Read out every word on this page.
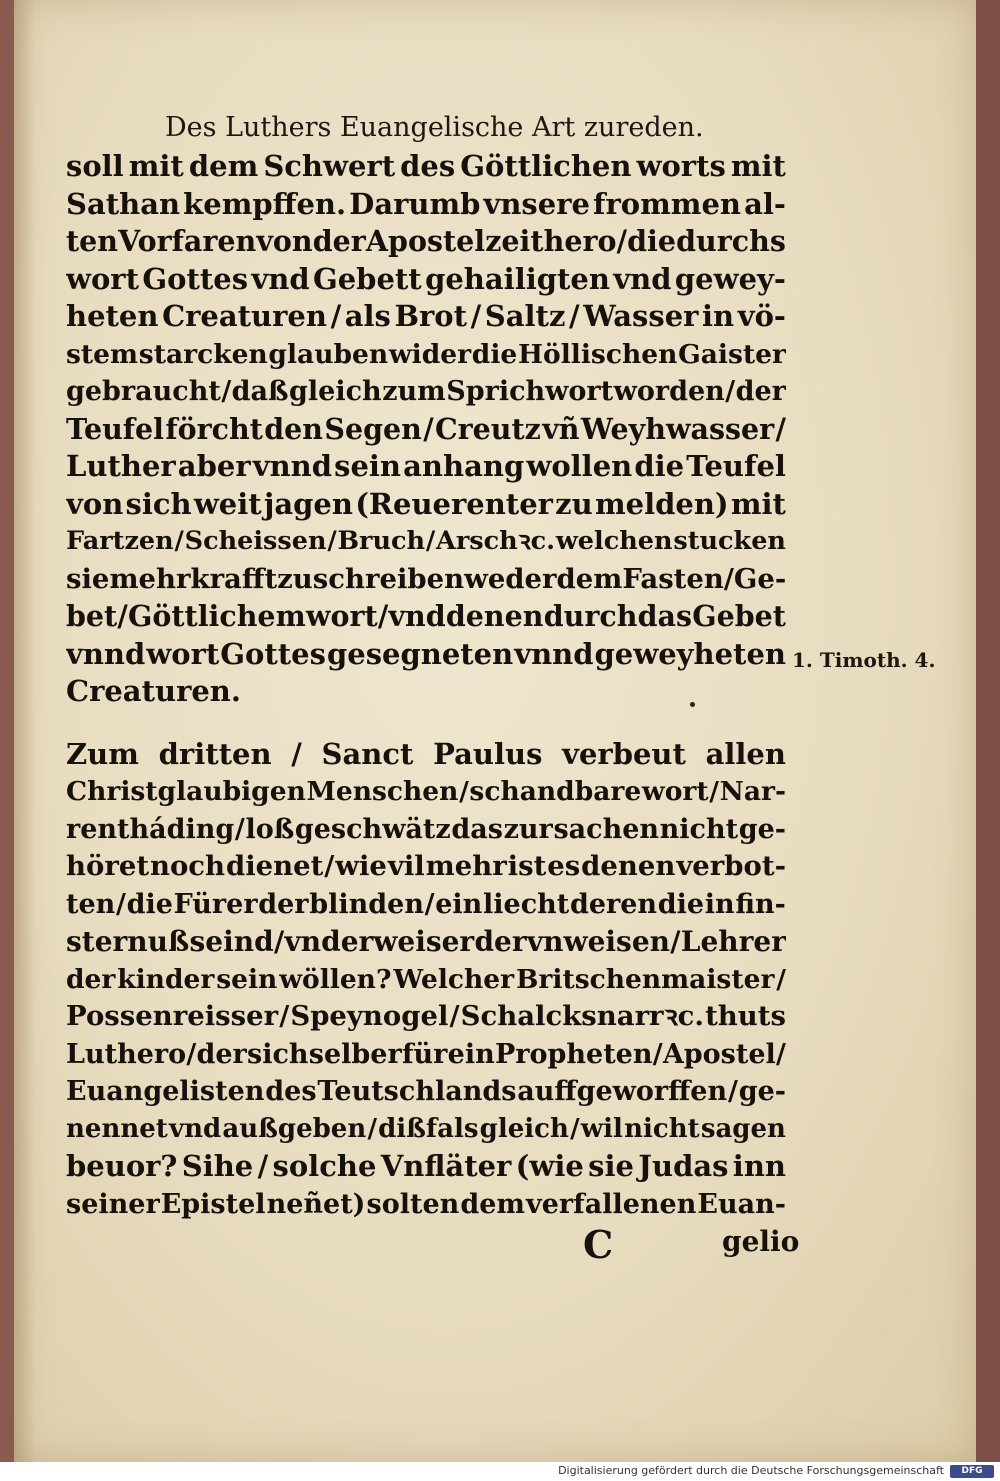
Des Luthers Euangelische Art zureden.
soll mit dem Schwert des Göttlichen worts mit
Sathan kempffen. Darumb vnsere frommen al-
ten Vorfaren von der Apostel zeit hero / die durchs
wort Gottes vnd Gebett gehailigten vnd gewey-
heten Creaturen / als Brot / Saltz / Wasser in vö-
stem starcken glauben wider die Höllischen Gaister
gebraucht / daß gleich zum Sprichwort worden / der
Teufel förcht den Segen / Creutz vñ Weyhwasser /
Luther aber vnnd sein anhang wollen die Teufel
von sich weit jagen (Reuerenter zu melden) mit
Fartzen / Scheissen / Bruch / Arsch ꝛc. welchen stucken
sie mehr krafft zuschreiben weder dem Fasten / Ge-
bet / Göttlichem wort / vnd denen durch das Gebet
vnnd wort Gottes gesegneten vnnd geweyheten
Creaturen.
Zum dritten / Sanct Paulus verbeut allen
Christglaubigen Menschen / schandbare wort / Nar-
rentháding / loß geschwätz das zur sachen nicht ge-
höret noch dienet / wie vil mehr ist es denen verbot-
ten / die Fürer der blinden / ein liecht deren die in fin-
sternuß seind / vnderweiser der vnweisen / Lehrer
der kinder sein wöllen? Welcher Britschenmaister /
Possenreisser / Speynogel / Schalcksnarr ꝛc. thuts
Luthero / der sich selber für ein Propheten / Apostel /
Euangelisten des Teutschlands auffgeworffen / ge-
nennet vnd außgeben / dißfals gleich / wil nicht sagen
beuor? Sihe / solche Vnfläter (wie sie Judas inn
seiner Epistel neñet) solten dem verfallenen Euan-
1. Timoth. 4.
C	gelio
Digitalisierung gefördert durch die Deutsche Forschungsgemeinschaft	DFG
